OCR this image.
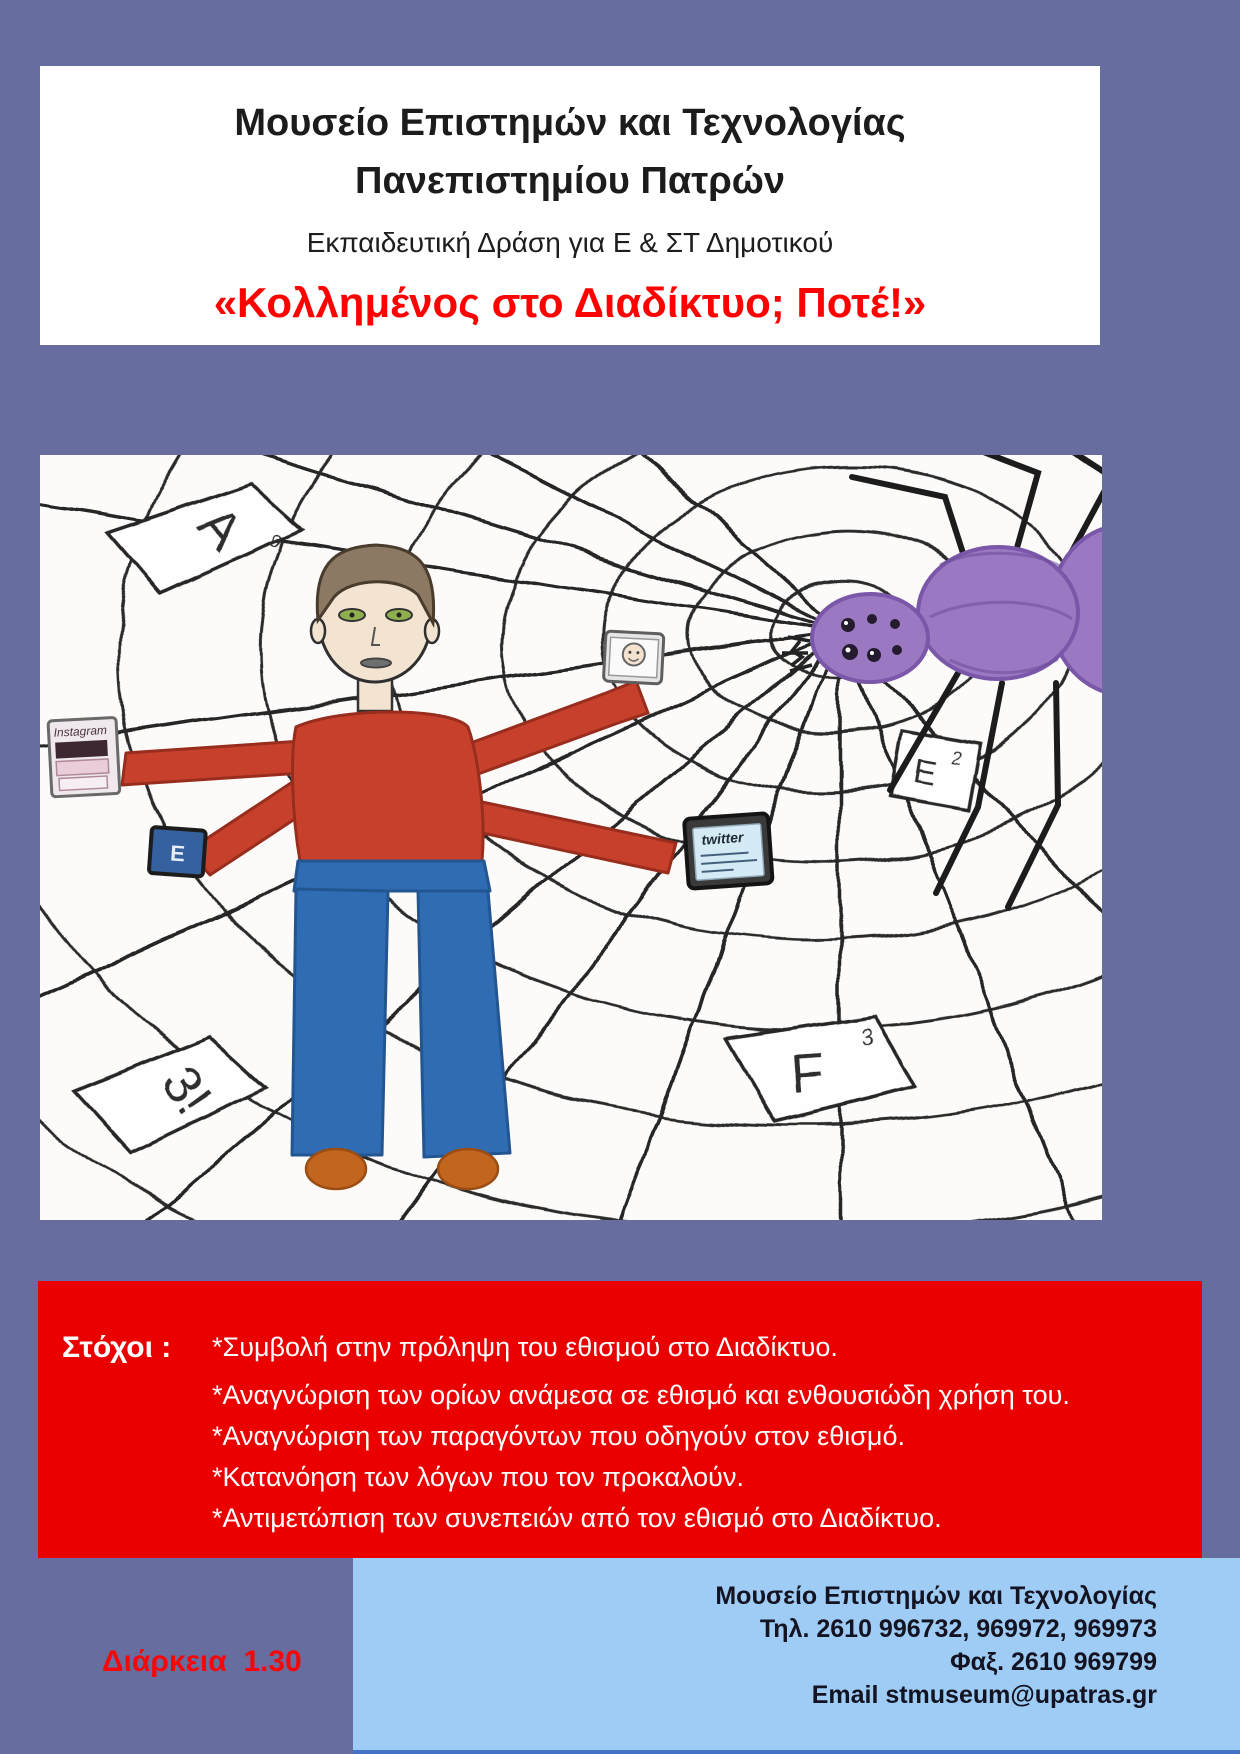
Μουσείο Επιστημών και Τεχνολογίας
Πανεπιστημίου Πατρών
Εκπαιδευτική Δράση για Ε & ΣΤ Δημοτικού
«Κολλημένος στο Διαδίκτυο; Ποτέ!»
A 9
3!	F
3
E 2
Instagram
E
twitter
Στόχοι :	*Συμβολή στην πρόληψη του εθισμού στο Διαδίκτυο.
*Αναγνώριση των ορίων ανάμεσα σε εθισμό και ενθουσιώδη χρήση του.
*Αναγνώριση των παραγόντων που οδηγούν στον εθισμό.
*Κατανόηση των λόγων που τον προκαλούν.
*Αντιμετώπιση των συνεπειών από τον εθισμό στο Διαδίκτυο.
Διάρκεια  1.30
Μουσείο Επιστημών και Τεχνολογίας
Τηλ. 2610 996732, 969972, 969973
Φαξ. 2610 969799
Email stmuseum@upatras.gr
